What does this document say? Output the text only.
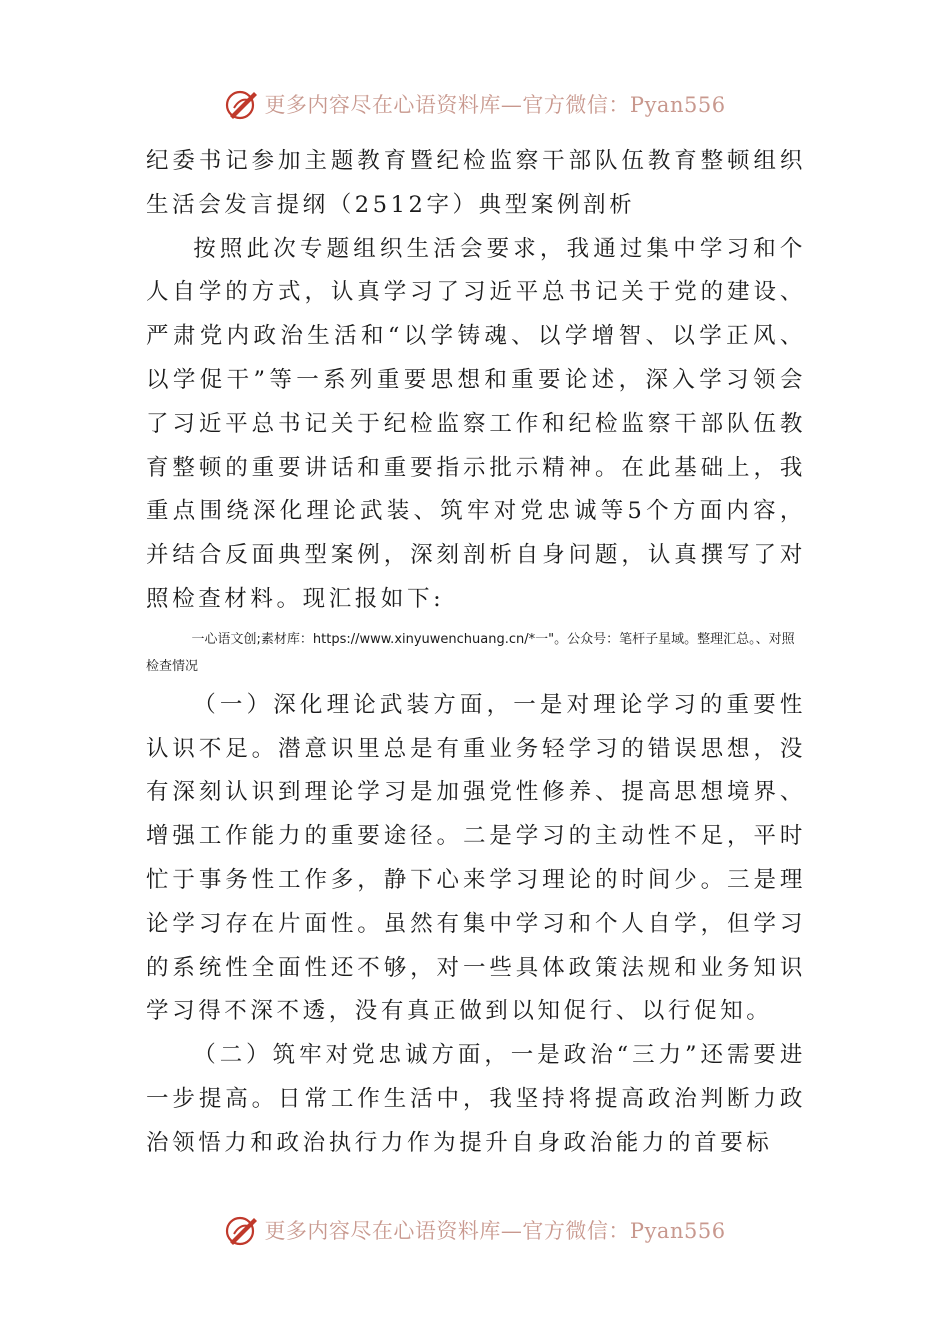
更多内容尽在心语资料库—官方微信：Pyan556

纪委书记参加主题教育暨纪检监察干部队伍教育整顿组织生活会发言提纲（2512字）典型案例剖析

按照此次专题组织生活会要求，我通过集中学习和个人自学的方式，认真学习了习近平总书记关于党的建设、严肃党内政治生活和“以学铸魂、以学增智、以学正风、以学促干”等一系列重要思想和重要论述，深入学习领会了习近平总书记关于纪检监察工作和纪检监察干部队伍教育整顿的重要讲话和重要指示批示精神。在此基础上，我重点围绕深化理论武装、筑牢对党忠诚等5个方面内容，并结合反面典型案例，深刻剖析自身问题，认真撰写了对照检查材料。现汇报如下:

一心语文创;素材库：https://www.xinyuwenchuang.cn/*一"。公众号：笔杆子星域。整理汇总。、对照检查情况

（一）深化理论武装方面，一是对理论学习的重要性认识不足。潜意识里总是有重业务轻学习的错误思想，没有深刻认识到理论学习是加强党性修养、提高思想境界、增强工作能力的重要途径。二是学习的主动性不足，平时忙于事务性工作多，静下心来学习理论的时间少。三是理论学习存在片面性。虽然有集中学习和个人自学，但学习的系统性全面性还不够，对一些具体政策法规和业务知识学习得不深不透，没有真正做到以知促行、以行促知。

（二）筑牢对党忠诚方面，一是政治“三力”还需要进一步提高。日常工作生活中，我坚持将提高政治判断力政治领悟力和政治执行力作为提升自身政治能力的首要标

更多内容尽在心语资料库—官方微信：Pyan556
